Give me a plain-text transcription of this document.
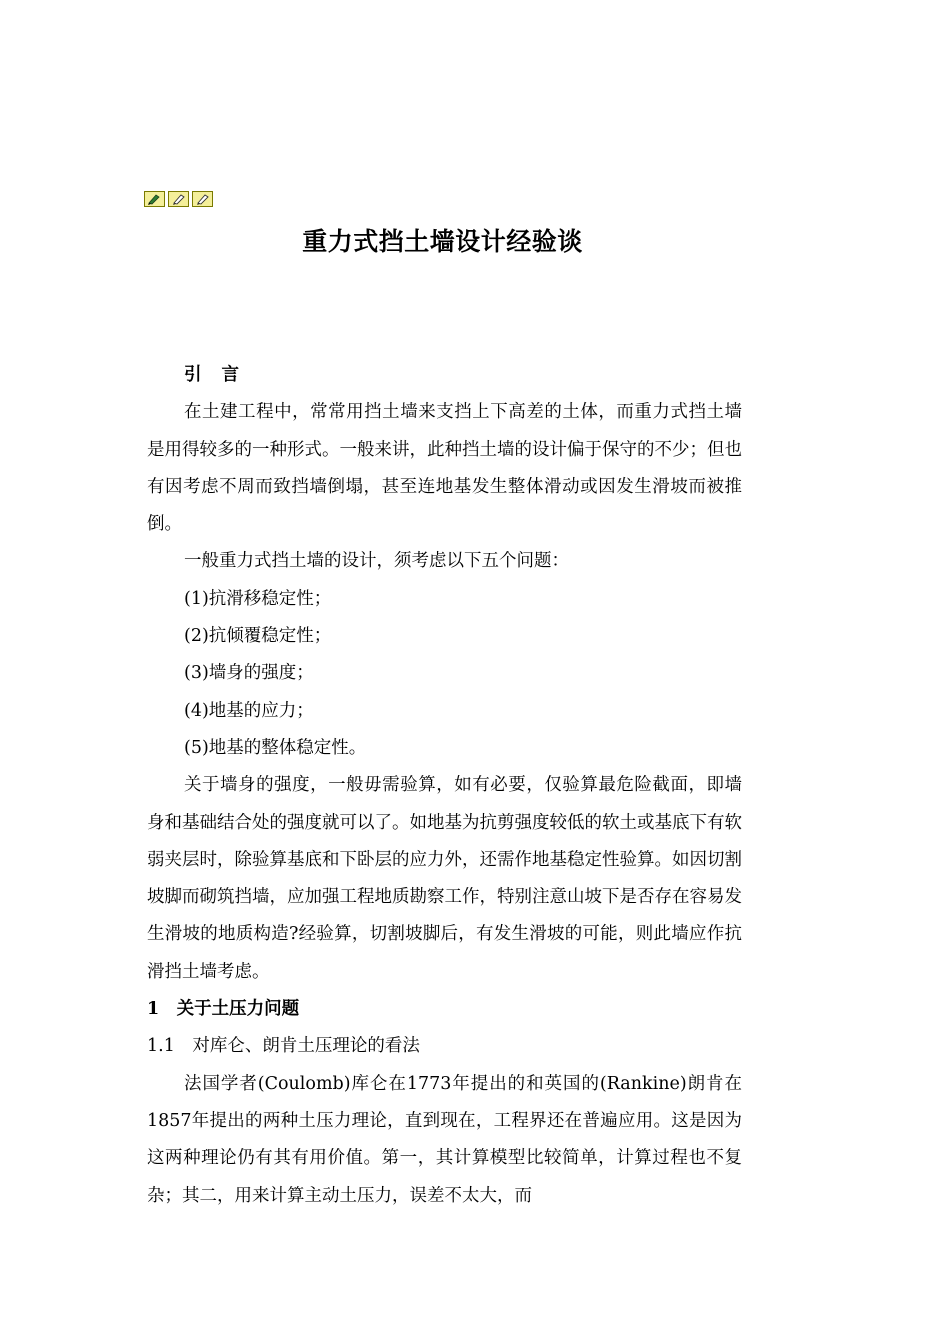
重力式挡土墙设计经验谈

引 言

在土建工程中，常常用挡土墙来支挡上下高差的土体，而重力式挡土墙是用得较多的一种形式。一般来讲，此种挡土墙的设计偏于保守的不少；但也有因考虑不周而致挡墙倒塌，甚至连地基发生整体滑动或因发生滑坡而被推倒。

一般重力式挡土墙的设计，须考虑以下五个问题：

(1)抗滑移稳定性；

(2)抗倾覆稳定性；

(3)墙身的强度；

(4)地基的应力；

(5)地基的整体稳定性。

关于墙身的强度，一般毋需验算，如有必要，仅验算最危险截面，即墙身和基础结合处的强度就可以了。如地基为抗剪强度较低的软土或基底下有软弱夹层时，除验算基底和下卧层的应力外，还需作地基稳定性验算。如因切割坡脚而砌筑挡墙，应加强工程地质勘察工作，特别注意山坡下是否存在容易发生滑坡的地质构造?经验算，切割坡脚后，有发生滑坡的可能，则此墙应作抗滑挡土墙考虑。

1　关于土压力问题

1.1　对库仑、朗肯土压理论的看法

法国学者(Coulomb)库仑在1773年提出的和英国的(Rankine)朗肯在1857年提出的两种土压力理论，直到现在，工程界还在普遍应用。这是因为这两种理论仍有其有用价值。第一，其计算模型比较简单，计算过程也不复杂；其二，用来计算主动土压力，误差不太大，而
